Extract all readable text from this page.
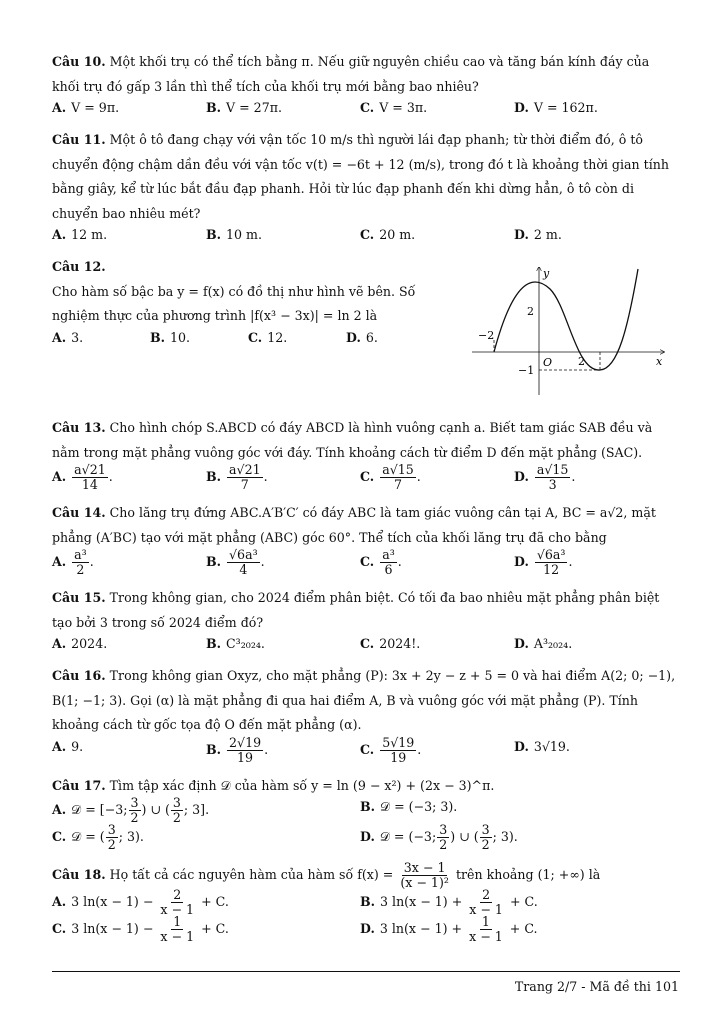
Câu 10. Một khối trụ có thể tích bằng π. Nếu giữ nguyên chiều cao và tăng bán kính đáy của khối trụ đó gấp 3 lần thì thể tích của khối trụ mới bằng bao nhiêu?
A. V = 9π.	B. V = 27π.	C. V = 3π.	D. V = 162π.
Câu 11. Một ô tô đang chạy với vận tốc 10 m/s thì người lái đạp phanh; từ thời điểm đó, ô tô chuyển động chậm dần đều với vận tốc v(t) = −6t + 12 (m/s), trong đó t là khoảng thời gian tính bằng giây, kể từ lúc bắt đầu đạp phanh. Hỏi từ lúc đạp phanh đến khi dừng hẳn, ô tô còn di chuyển bao nhiêu mét?
A. 12 m.	B. 10 m.	C. 20 m.	D. 2 m.
Câu 12.
Cho hàm số bậc ba y = f(x) có đồ thị như hình vẽ bên. Số nghiệm thực của phương trình |f(x³ − 3x)| = ln 2 là
A. 3.	B. 10.	C. 12.	D. 6.
y
x
O
2
−1
−2
2
Câu 13. Cho hình chóp S.ABCD có đáy ABCD là hình vuông cạnh a. Biết tam giác SAB đều và nằm trong mặt phẳng vuông góc với đáy. Tính khoảng cách từ điểm D đến mặt phẳng (SAC).
A. $\frac{a√21}{14}$ .	B. $\frac{a√21}{7}$ .	C. $\frac{a√15}{7}$ .	D. $\frac{a√15}{3}$ .
Câu 14. Cho lăng trụ đứng ABC.A′B′C′ có đáy ABC là tam giác vuông cân tại A, BC = a√2, mặt phẳng (A′BC) tạo với mặt phẳng (ABC) góc 60°. Thể tích của khối lăng trụ đã cho bằng
A. $\frac{\text{a³}}{2}$ .	B. $\frac{\text{√6a³}}{4}$ .	C. $\frac{\text{a³}}{6}$ .	D. $\frac{\text{√6a³}}{12}$ .
Câu 15. Trong không gian, cho 2024 điểm phân biệt. Có tối đa bao nhiêu mặt phẳng phân biệt tạo bởi 3 trong số 2024 điểm đó?
A. 2024.	B. C³₂₀₂₄.	C. 2024!.	D. A³₂₀₂₄.
Câu 16. Trong không gian Oxyz, cho mặt phẳng (P): 3x + 2y − z + 5 = 0 và hai điểm A(2; 0; −1), B(1; −1; 3). Gọi (α) là mặt phẳng đi qua hai điểm A, B và vuông góc với mặt phẳng (P). Tính khoảng cách từ gốc tọa độ O đến mặt phẳng (α).
A. 9.	B. $\frac{2√19}{19}$ .	C. $\frac{5√19}{19}$ .	D. 3√19.
Câu 17. Tìm tập xác định 𝒟 của hàm số y = ln (9 − x²) + (2x − 3)^π.
A. 𝒟 = [−3; $\frac{3}{2}$ ) ∪ ( $\frac{3}{2}$ ; 3].	B. 𝒟 = (−3; 3).
C. 𝒟 = ( $\frac{3}{2}$ ; 3).	D. 𝒟 = (−3; $\frac{3}{2}$ ) ∪ ( $\frac{3}{2}$ ; 3).
Câu 18. Họ tất cả các nguyên hàm của hàm số $f(x) = \frac{3x - 1}{\text{(x − 1)²}}$ trên khoảng (1; +∞) là
A. 3 $\ln(x - 1) - \frac{2}{x - 1} + C$.	B. 3 $\ln(x - 1) + \frac{2}{x - 1} + C$.
C. 3 $\ln(x - 1) - \frac{1}{x - 1} + C$.	D. 3 $\ln(x - 1) + \frac{1}{x - 1} + C$.
Trang 2/7 - Mã đề thi 101
